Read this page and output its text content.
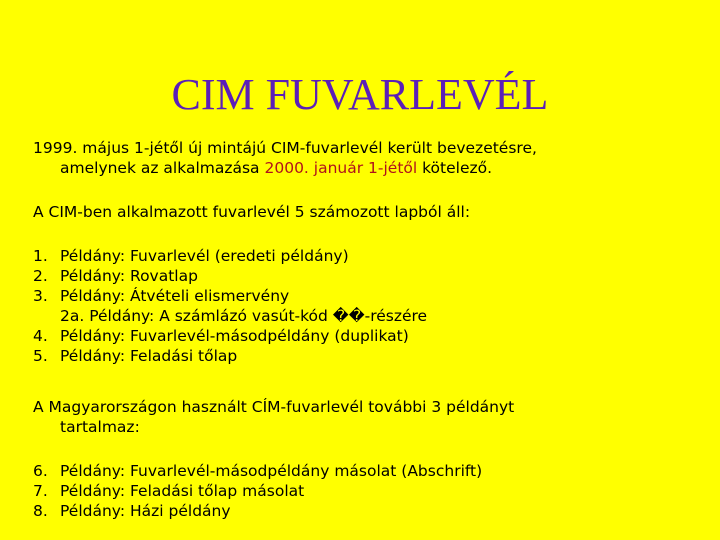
CIM FUVARLEVÉL
1999. május 1-jétől új mintájú CIM-fuvarlevél került bevezetésre,
amelynek az alkalmazása 2000. január 1-jétől kötelező.
A CIM-ben alkalmazott fuvarlevél 5 számozott lapból áll:
1. Példány: Fuvarlevél (eredeti példány)
2. Példány: Rovatlap
3. Példány: Átvételi elismervény
2a. Példány: A számlázó vasút-kód ��-részére
4. Példány: Fuvarlevél-másodpéldány (duplikat)
5. Példány: Feladási tőlap
A Magyarországon használt CÍM-fuvarlevél további 3 példányt
tartalmaz:
6. Példány: Fuvarlevél-másodpéldány másolat (Abschrift)
7. Példány: Feladási tőlap másolat
8. Példány: Házi példány
